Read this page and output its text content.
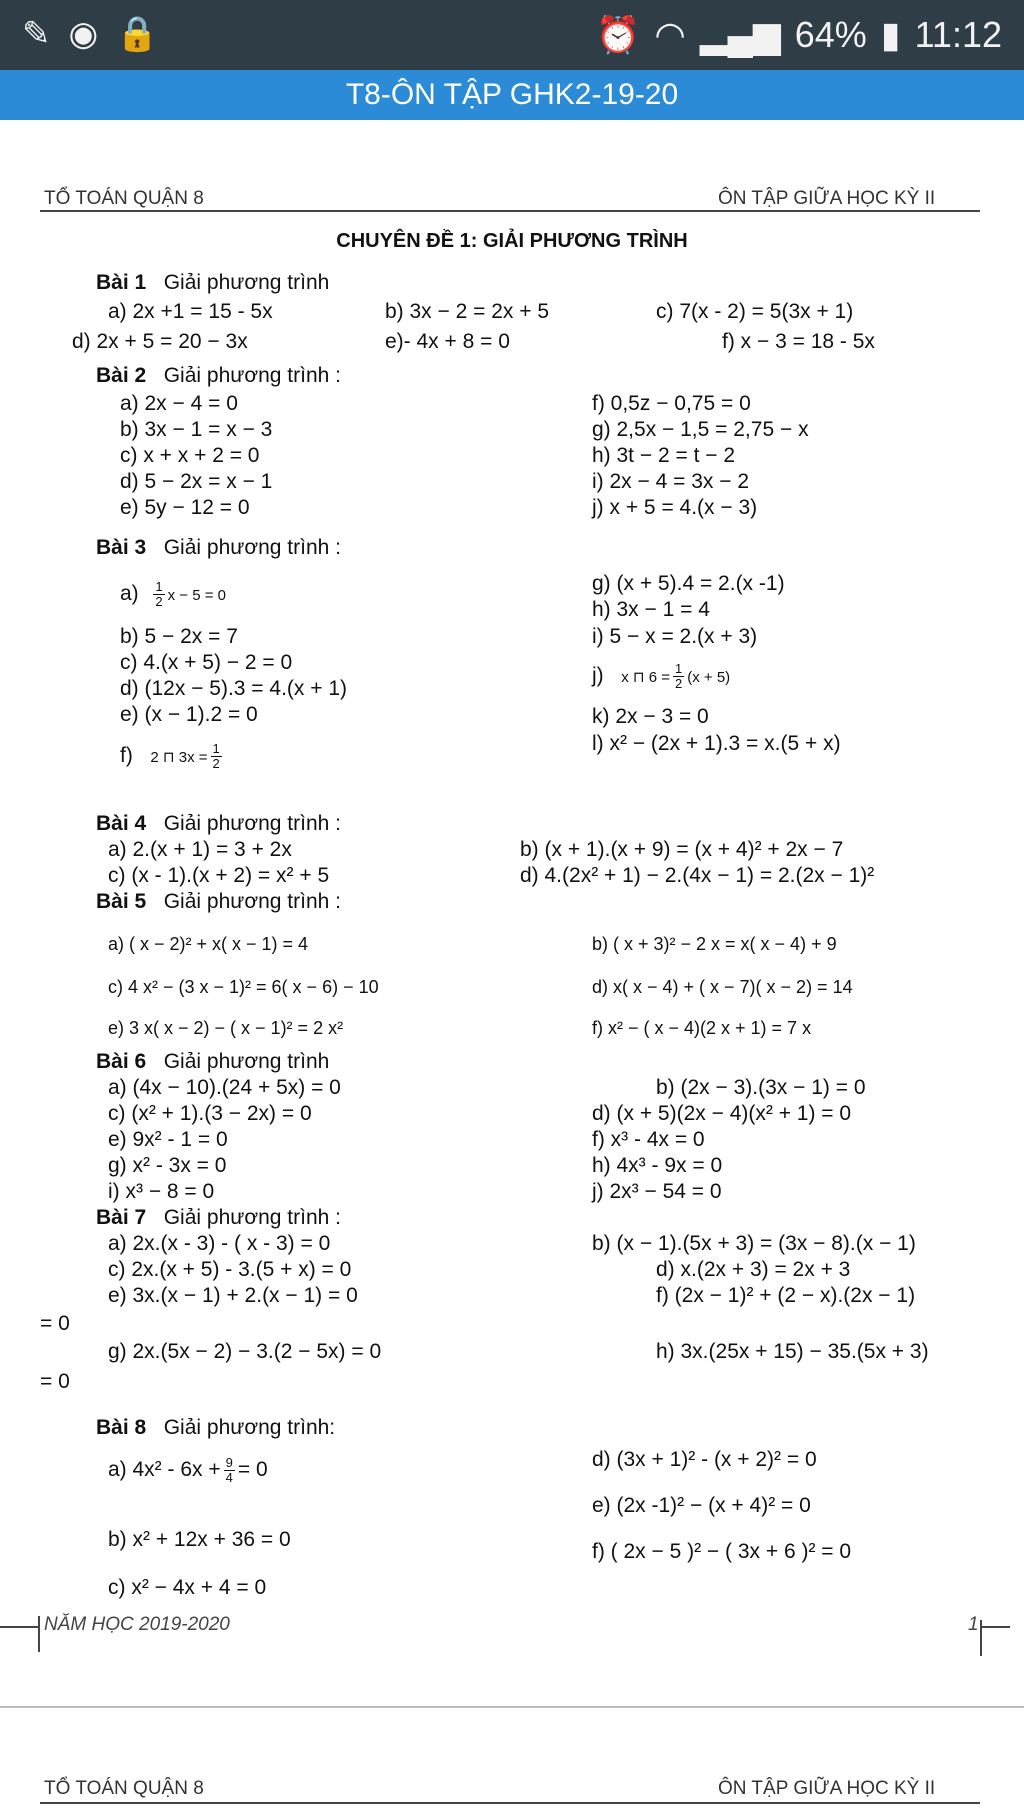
✎◉🔒	⏰ ◠ ▂▄▆ 64% ▮ 11:12
T8-ÔN TẬP GHK2-19-20
TỔ TOÁN QUẬN 8	ÔN TẬP GIỮA HỌC KỲ II
CHUYÊN ĐỀ 1: GIẢI PHƯƠNG TRÌNH
Bài 1 Giải phương trình
a) 2x +1 = 15 - 5x	b) 3x − 2 = 2x + 5	c) 7(x - 2) = 5(3x + 1)
d) 2x + 5 = 20 − 3x	e)- 4x + 8 = 0	f) x − 3 = 18 - 5x
Bài 2 Giải phương trình :
a) 2x − 4 = 0
b) 3x − 1 = x − 3
c) x + x + 2 = 0
d) 5 − 2x = x − 1
e) 5y − 12 = 0
f) 0,5z − 0,75 = 0
g) 2,5x − 1,5 = 2,75 − x
h) 3t − 2 = t − 2
i) 2x − 4 = 3x − 2
j) x + 5 = 4.(x − 3)
Bài 3 Giải phương trình :
$a) \frac{1}{2}$ x − 5 = 0
b) 5 − 2x = 7
c) 4.(x + 5) − 2 = 0
d) (12x − 5).3 = 4.(x + 1)
e) (x − 1).2 = 0
f) 2 ⊓ $3x = \frac{1}{2}$
g) (x + 5).4 = 2.(x -1)
h) 3x − 1 = 4
i) 5 − x = 2.(x + 3)
j) x ⊓ $6 = \frac{1}{2} (x + 5)$
k) 2x − 3 = 0
l) x² − (2x + 1).3 = x.(5 + x)
Bài 4 Giải phương trình :
a) 2.(x + 1) = 3 + 2x
c) (x - 1).(x + 2) = x² + 5
b) (x + 1).(x + 9) = (x + 4)² + 2x − 7
d) 4.(2x² + 1) − 2.(4x − 1) = 2.(2x − 1)²
Bài 5 Giải phương trình :
a) ( x − 2)² + x( x − 1) = 4
c) 4 x² − (3 x − 1)² = 6( x − 6) − 10
e) 3 x( x − 2) − ( x − 1)² = 2 x²
b) ( x + 3)² − 2 x = x( x − 4) + 9
d) x( x − 4) + ( x − 7)( x − 2) = 14
f) x² − ( x − 4)(2 x + 1) = 7 x
Bài 6 Giải phương trình
a) (4x − 10).(24 + 5x) = 0
c) (x² + 1).(3 − 2x) = 0
e) 9x² - 1 = 0
g) x² - 3x = 0
i) x³ − 8 = 0
b) (2x − 3).(3x − 1) = 0
d) (x + 5)(2x − 4)(x² + 1) = 0
f) x³ - 4x = 0
h) 4x³ - 9x = 0
j) 2x³ − 54 = 0
Bài 7 Giải phương trình :
a) 2x.(x - 3) - ( x - 3) = 0
c) 2x.(x + 5) - 3.(5 + x) = 0
e) 3x.(x − 1) + 2.(x − 1) = 0
= 0
g) 2x.(5x − 2) − 3.(2 − 5x) = 0
= 0
b) (x − 1).(5x + 3) = (3x − 8).(x − 1)
d) x.(2x + 3) = 2x + 3
f) (2x − 1)² + (2 − x).(2x − 1)
h) 3x.(25x + 15) − 35.(5x + 3)
Bài 8 Giải phương trình:
a) $4x^2 - 6x + \frac{9}{4} = 0$
b) x² + 12x + 36 = 0
c) x² − 4x + 4 = 0
d) (3x + 1)² - (x + 2)² = 0
e) (2x -1)² − (x + 4)² = 0
f) ( 2x − 5 )² − ( 3x + 6 )² = 0
NĂM HỌC 2019-2020	1
TỔ TOÁN QUẬN 8	ÔN TẬP GIỮA HỌC KỲ II
